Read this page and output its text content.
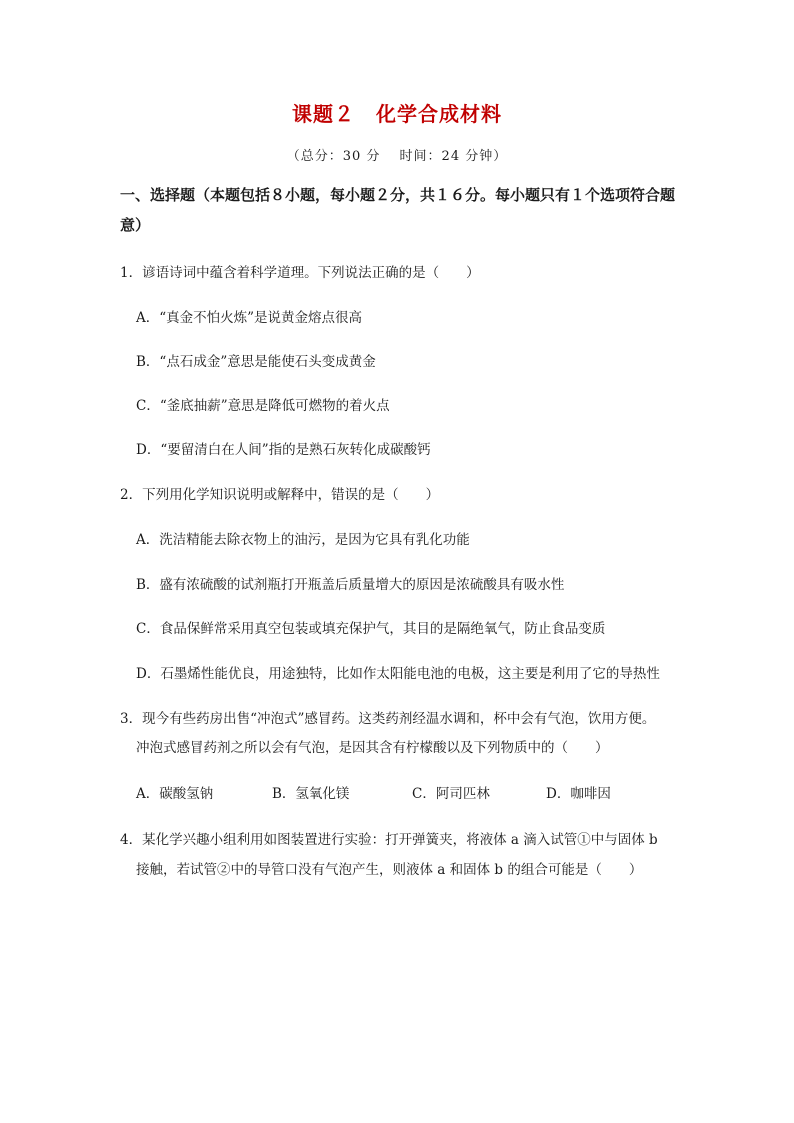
课题２　化学合成材料
（总分：30 分　 时间：24 分钟）
一、选择题（本题包括８小题，每小题２分，共１６分。每小题只有１个选项符合题意）
1．谚语诗词中蕴含着科学道理。下列说法正确的是（　　）
A．“真金不怕火炼”是说黄金熔点很高
B．“点石成金”意思是能使石头变成黄金
C．“釜底抽薪”意思是降低可燃物的着火点
D．“要留清白在人间”指的是熟石灰转化成碳酸钙
2．下列用化学知识说明或解释中，错误的是（　　）
A．洗洁精能去除衣物上的油污，是因为它具有乳化功能
B．盛有浓硫酸的试剂瓶打开瓶盖后质量增大的原因是浓硫酸具有吸水性
C．食品保鲜常采用真空包装或填充保护气，其目的是隔绝氧气，防止食品变质
D．石墨烯性能优良，用途独特，比如作太阳能电池的电极，这主要是利用了它的导热性
3．现今有些药房出售“冲泡式”感冒药。这类药剂经温水调和，杯中会有气泡，饮用方便。
冲泡式感冒药剂之所以会有气泡，是因其含有柠檬酸以及下列物质中的（　　）
A．碳酸氢钠	B．氢氧化镁	C．阿司匹林	D．咖啡因
4．某化学兴趣小组利用如图装置进行实验：打开弹簧夹，将液体 a 滴入试管①中与固体 b
接触，若试管②中的导管口没有气泡产生，则液体 a 和固体 b 的组合可能是（　　）
